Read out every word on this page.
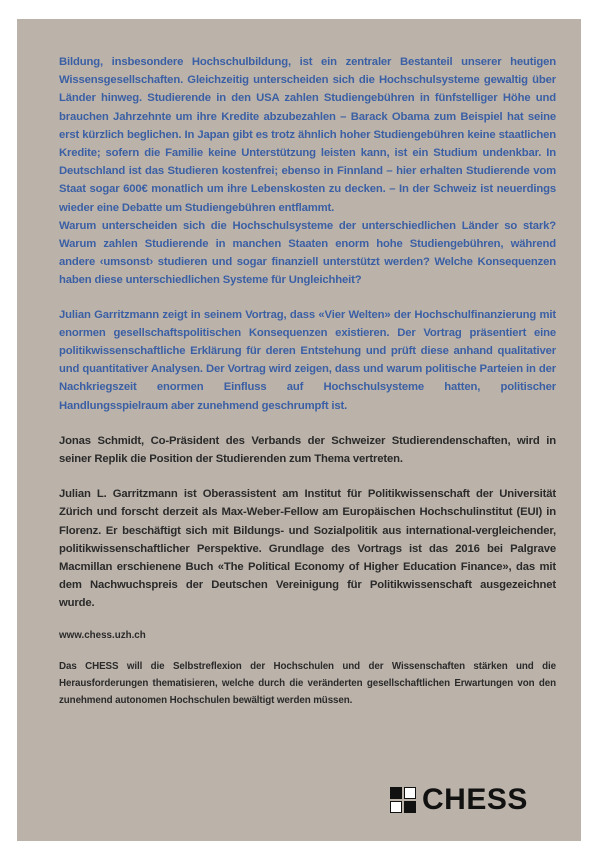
Bildung, insbesondere Hochschulbildung, ist ein zentraler Bestanteil unserer heutigen Wissensgesellschaften. Gleichzeitig unterscheiden sich die Hochschulsysteme gewaltig über Länder hinweg. Studierende in den USA zahlen Studiengebühren in fünfstelliger Höhe und brauchen Jahrzehnte um ihre Kredite abzubezahlen – Barack Obama zum Beispiel hat seine erst kürzlich beglichen. In Japan gibt es trotz ähnlich hoher Studiengebühren keine staatlichen Kredite; sofern die Familie keine Unterstützung leisten kann, ist ein Studium undenkbar. In Deutschland ist das Studieren kostenfrei; ebenso in Finnland – hier erhalten Studierende vom Staat sogar 600€ monatlich um ihre Lebenskosten zu decken. – In der Schweiz ist neuerdings wieder eine Debatte um Studiengebühren entflammt.

Warum unterscheiden sich die Hochschulsysteme der unterschiedlichen Länder so stark? Warum zahlen Studierende in manchen Staaten enorm hohe Studiengebühren, während andere ‹umsonst› studieren und sogar finanziell unterstützt werden? Welche Konsequenzen haben diese unterschiedlichen Systeme für Ungleichheit?

Julian Garritzmann zeigt in seinem Vortrag, dass «Vier Welten» der Hochschulfinanzierung mit enormen gesellschaftspolitischen Konsequenzen existieren. Der Vortrag präsentiert eine politikwissenschaftliche Erklärung für deren Entstehung und prüft diese anhand qualitativer und quantitativer Analysen. Der Vortrag wird zeigen, dass und warum politische Parteien in der Nachkriegszeit enormen Einfluss auf Hochschulsysteme hatten, politischer Handlungsspielraum aber zunehmend geschrumpft ist.

Jonas Schmidt, Co-Präsident des Verbands der Schweizer Studierendenschaften, wird in seiner Replik die Position der Studierenden zum Thema vertreten.

Julian L. Garritzmann ist Oberassistent am Institut für Politikwissenschaft der Universität Zürich und forscht derzeit als Max-Weber-Fellow am Europäischen Hochschulinstitut (EUI) in Florenz. Er beschäftigt sich mit Bildungs- und Sozialpolitik aus international-vergleichender, politikwissenschaftlicher Perspektive. Grundlage des Vortrags ist das 2016 bei Palgrave Macmillan erschienene Buch «The Political Economy of Higher Education Finance», das mit dem Nachwuchspreis der Deutschen Vereinigung für Politikwissenschaft ausgezeichnet wurde.

www.chess.uzh.ch

Das CHESS will die Selbstreflexion der Hochschulen und der Wissenschaften stärken und die Herausforderungen thematisieren, welche durch die veränderten gesellschaftlichen Erwartungen von den zunehmend autonomen Hochschulen bewältigt werden müssen.

CHESS
